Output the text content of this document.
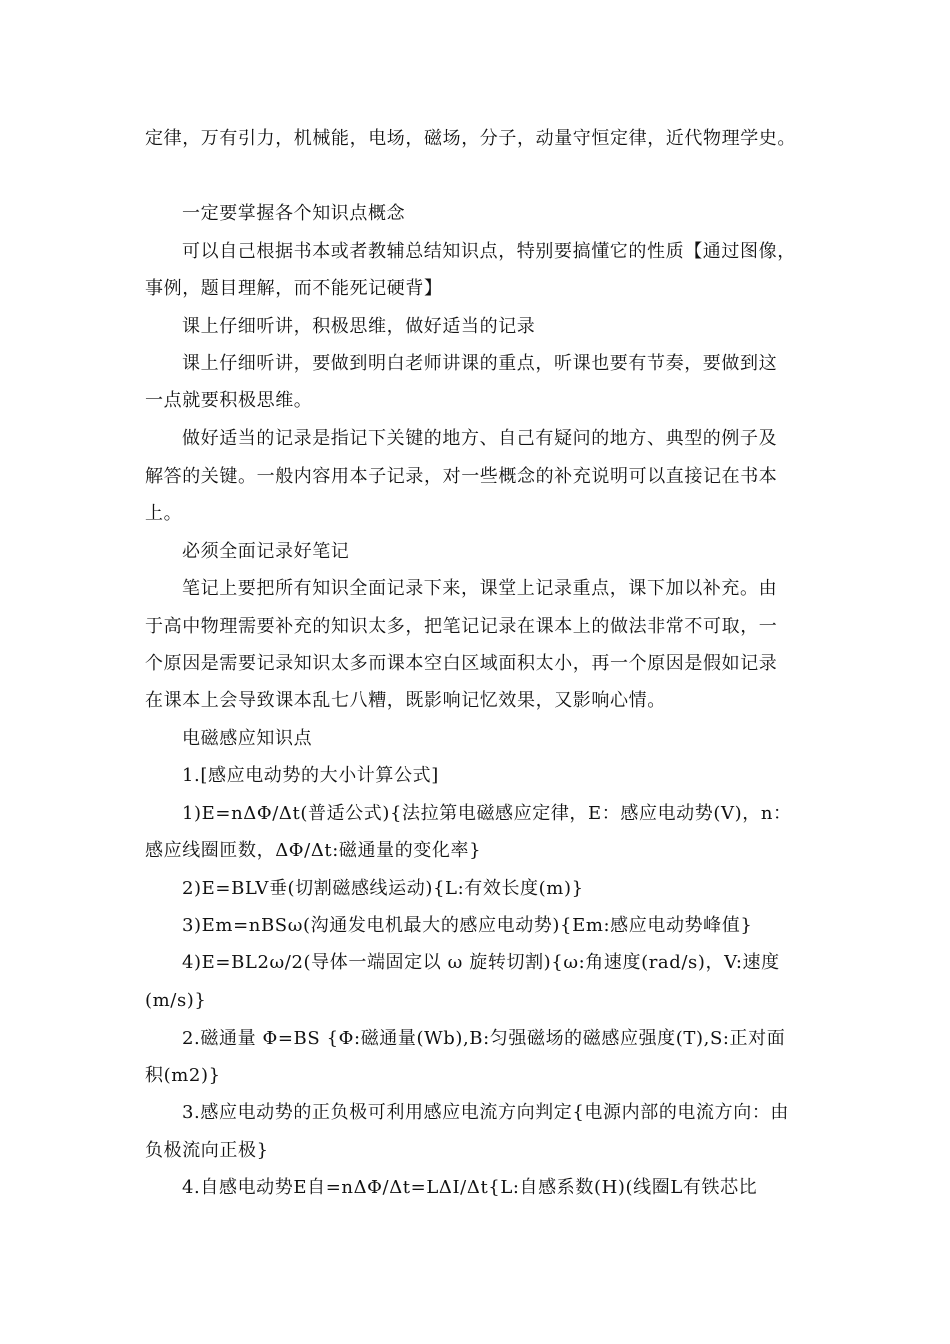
定律，万有引力，机械能，电场，磁场，分子，动量守恒定律，近代物理学史。
一定要掌握各个知识点概念
可以自己根据书本或者教辅总结知识点，特别要搞懂它的性质【通过图像，
事例，题目理解，而不能死记硬背】
课上仔细听讲，积极思维，做好适当的记录
课上仔细听讲，要做到明白老师讲课的重点，听课也要有节奏，要做到这
一点就要积极思维。
做好适当的记录是指记下关键的地方、自己有疑问的地方、典型的例子及
解答的关键。一般内容用本子记录，对一些概念的补充说明可以直接记在书本
上。
必须全面记录好笔记
笔记上要把所有知识全面记录下来，课堂上记录重点，课下加以补充。由
于高中物理需要补充的知识太多，把笔记记录在课本上的做法非常不可取，一
个原因是需要记录知识太多而课本空白区域面积太小，再一个原因是假如记录
在课本上会导致课本乱七八糟，既影响记忆效果，又影响心情。
电磁感应知识点
1.[感应电动势的大小计算公式]
1)E=nΔΦ/Δt(普适公式){法拉第电磁感应定律，E：感应电动势(V)，n：
感应线圈匝数，ΔΦ/Δt:磁通量的变化率}
2)E=BLV垂(切割磁感线运动){L:有效长度(m)}
3)Em=nBSω(沟通发电机最大的感应电动势){Em:感应电动势峰值}
4)E=BL2ω/2(导体一端固定以 ω 旋转切割){ω:角速度(rad/s)，V:速度
(m/s)}
2.磁通量 Φ=BS {Φ:磁通量(Wb),B:匀强磁场的磁感应强度(T),S:正对面
积(m2)}
3.感应电动势的正负极可利用感应电流方向判定{电源内部的电流方向：由
负极流向正极}
4.自感电动势E自=nΔΦ/Δt=LΔI/Δt{L:自感系数(H)(线圈L有铁芯比
